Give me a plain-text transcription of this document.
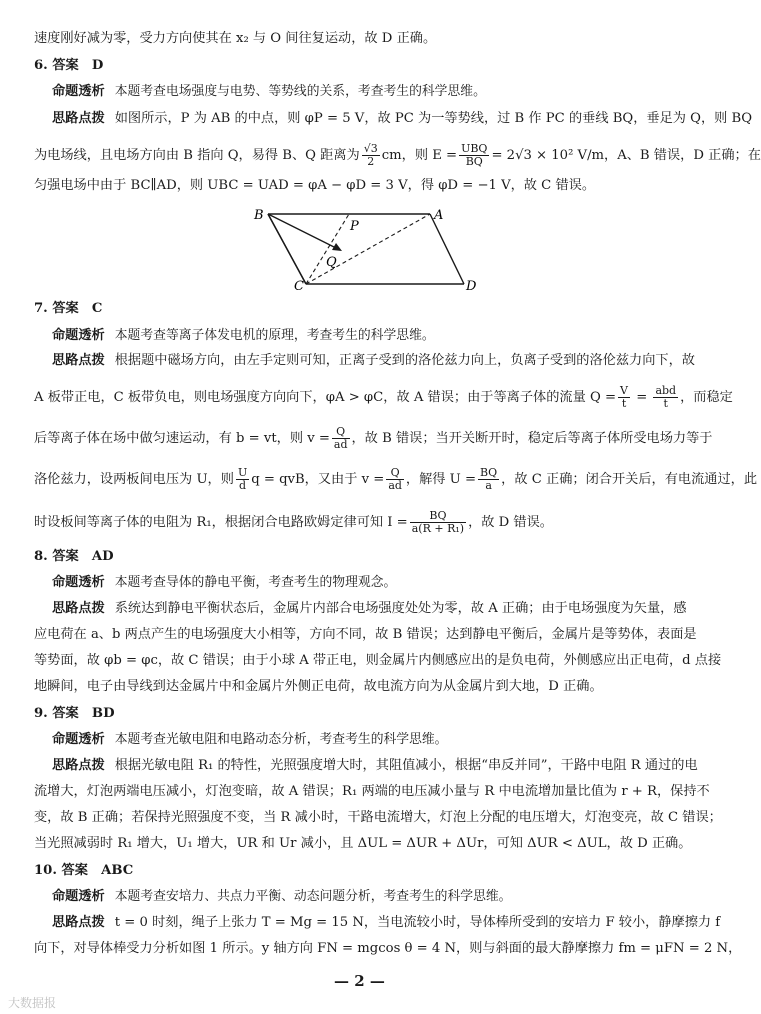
速度刚好减为零，受力方向使其在 x₂ 与 O 间往复运动，故 D 正确。
6. 答案　D
命题透析 本题考查电场强度与电势、等势线的关系，考查考生的科学思维。
思路点拨 如图所示，P 为 AB 的中点，则 φP = 5 V，故 PC 为一等势线，过 B 作 PC 的垂线 BQ，垂足为 Q，则 BQ
为电场线，且电场方向由 B 指向 Q，易得 B、Q 距离为 $\frac{√3}{2}$ cm，则 $E = \frac{\text{UBQ}}{BQ} = 2√3 \times 10^2$ V/m，A、B 错误，D 正确；在
匀强电场中由于 BC∥AD，则 UBC = UAD = φA − φD = 3 V，得 φD = −1 V，故 C 错误。
B	A
C	D
P
Q
7. 答案　C
命题透析 本题考查等离子体发电机的原理，考查考生的科学思维。
思路点拨 根据题中磁场方向，由左手定则可知，正离子受到的洛伦兹力向上，负离子受到的洛伦兹力向下，故
A 板带正电，C 板带负电，则电场强度方向向下，φA > φC，故 A 错误；由于等离子体的流量 $Q = \frac{V}{t} = \frac{\text{abd}}{t}$ ，而稳定
后等离子体在场中做匀速运动，有 b = vt，则 $v = \frac{Q}{ad}$ ，故 B 错误；当开关断开时，稳定后等离子体所受电场力等于
洛伦兹力，设两板间电压为 U，则 $\frac{U}{d}$ q = qvB，又由于 $v = \frac{Q}{ad}$ ，解得 $U = \frac{BQ}{a}$ ，故 C 正确；闭合开关后，有电流通过，此
时设板间等离子体的电阻为 R₁，根据闭合电路欧姆定律可知 $I = \frac{BQ}{\text{a(R + R₁)}}$ ，故 D 错误。
8. 答案　AD
命题透析 本题考查导体的静电平衡，考查考生的物理观念。
思路点拨 系统达到静电平衡状态后，金属片内部合电场强度处处为零，故 A 正确；由于电场强度为矢量，感
应电荷在 a、b 两点产生的电场强度大小相等，方向不同，故 B 错误；达到静电平衡后，金属片是等势体，表面是
等势面，故 φb = φc，故 C 错误；由于小球 A 带正电，则金属片内侧感应出的是负电荷，外侧感应出正电荷，d 点接
地瞬间，电子由导线到达金属片中和金属片外侧正电荷，故电流方向为从金属片到大地，D 正确。
9. 答案　BD
命题透析 本题考查光敏电阻和电路动态分析，考查考生的科学思维。
思路点拨 根据光敏电阻 R₁ 的特性，光照强度增大时，其阻值减小，根据“串反并同”，干路中电阻 R 通过的电
流增大，灯泡两端电压减小，灯泡变暗，故 A 错误；R₁ 两端的电压减小量与 R 中电流增加量比值为 r + R，保持不
变，故 B 正确；若保持光照强度不变，当 R 减小时，干路电流增大，灯泡上分配的电压增大，灯泡变亮，故 C 错误；
当光照减弱时 R₁ 增大，U₁ 增大，UR 和 Ur 减小，且 ΔUL = ΔUR + ΔUr，可知 ΔUR < ΔUL，故 D 正确。
10. 答案　ABC
命题透析 本题考查安培力、共点力平衡、动态问题分析，考查考生的科学思维。
思路点拨 t = 0 时刻，绳子上张力 T = Mg = 15 N，当电流较小时，导体棒所受到的安培力 F 较小，静摩擦力 f
向下，对导体棒受力分析如图 1 所示。y 轴方向 FN = mgcos θ = 4 N，则与斜面的最大静摩擦力 fm = μFN = 2 N，
— 2 —
大数据报
